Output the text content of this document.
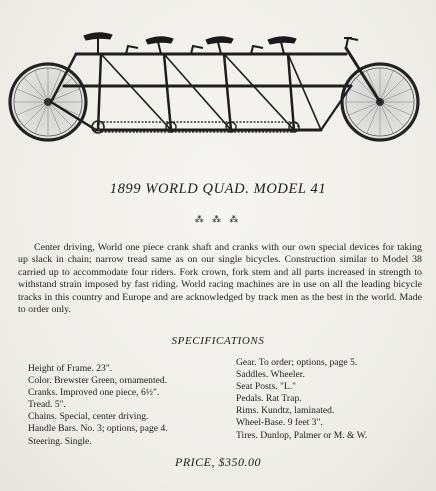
1899 WORLD QUAD. MODEL 41
⁂ ⁂ ⁂

Center driving, World one piece crank shaft and cranks with our own special devices for taking up slack in chain; narrow tread same as on our single bicycles. Construction similar to Model 38 carried up to accommodate four riders. Fork crown, fork stem and all parts increased in strength to withstand strain imposed by fast riding. World racing machines are in use on all the leading bicycle tracks in this country and Europe and are acknowledged by track men as the best in the world. Made to order only.

SPECIFICATIONS
Height of Frame. 23".
Color. Brewster Green, ornamented.
Cranks. Improved one piece, 6½".
Tread. 5".
Chains. Special, center driving.
Handle Bars. No. 3; options, page 4.
Steering. Single.
Gear. To order; options, page 5.
Saddles. Wheeler.
Seat Posts. "L."
Pedals. Rat Trap.
Rims. Kundtz, laminated.
Wheel-Base. 9 feet 3".
Tires. Dunlop, Palmer or M. & W.
PRICE, $350.00
